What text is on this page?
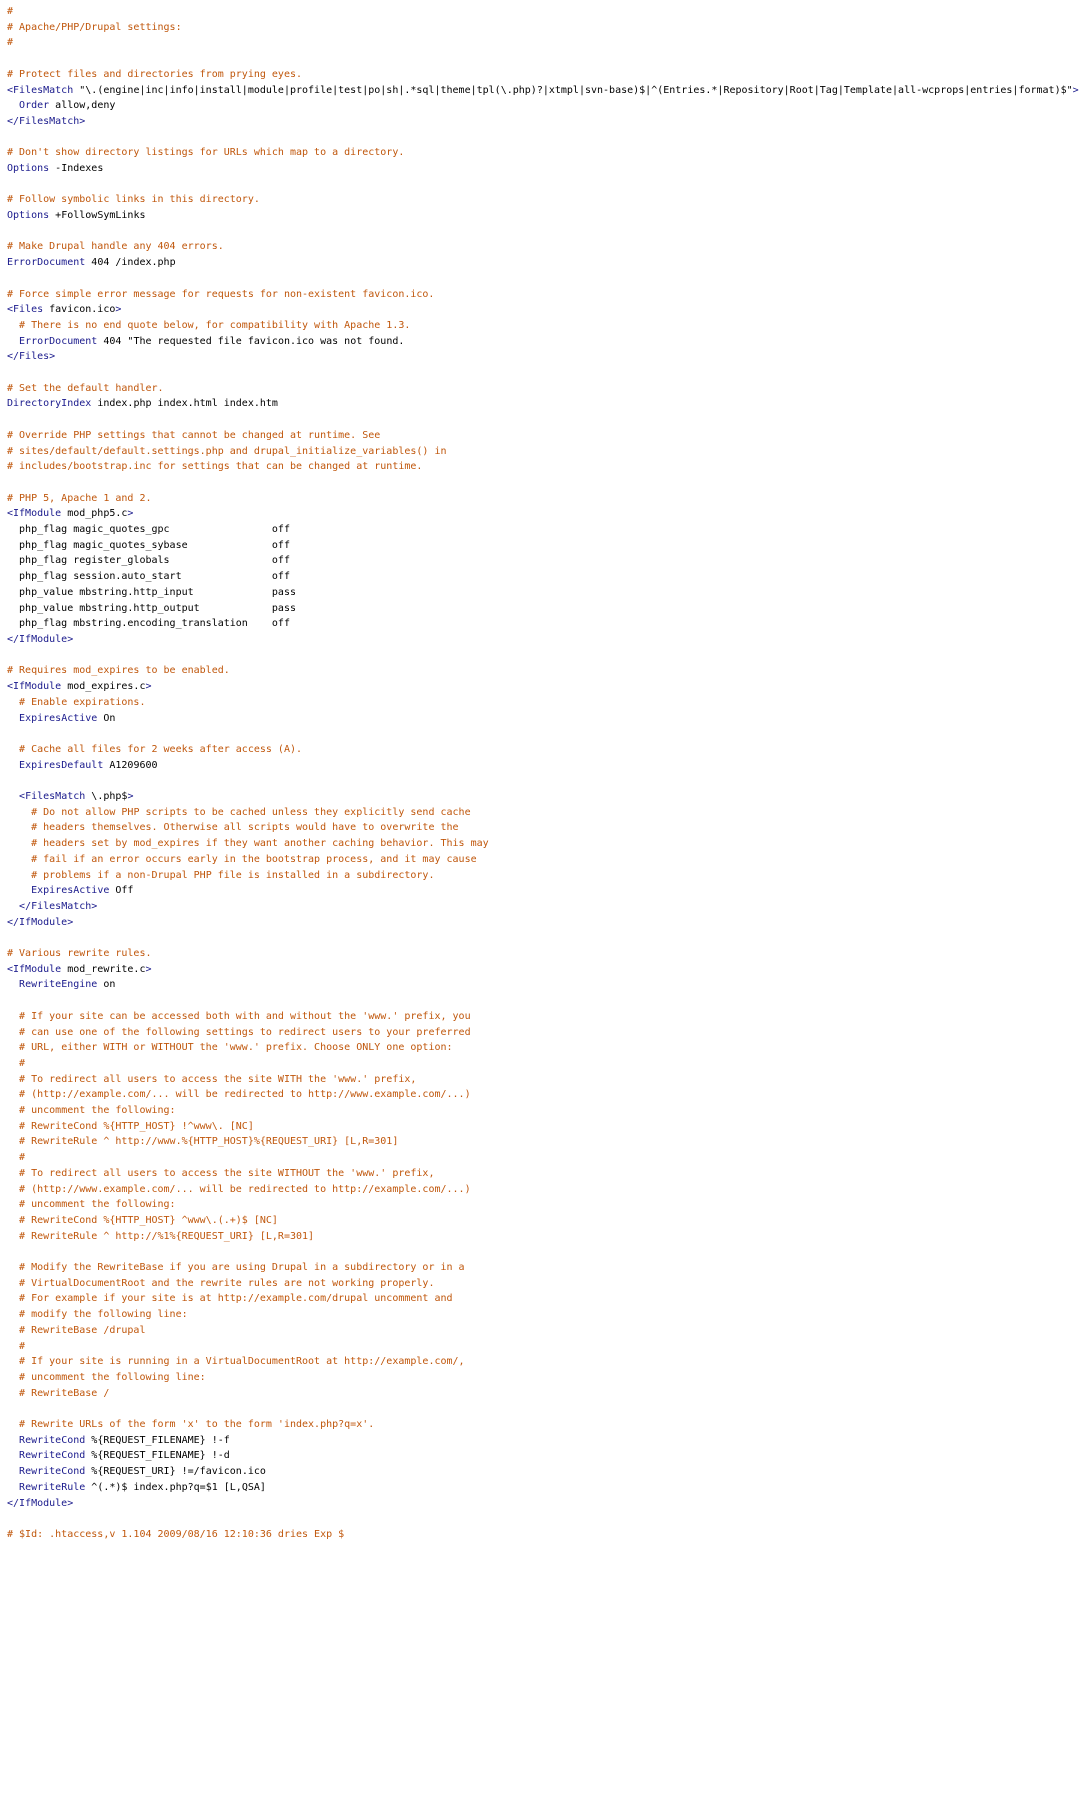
#
# Apache/PHP/Drupal settings:
#
# Protect files and directories from prying eyes.
<FilesMatch "\.(engine|inc|info|install|module|profile|test|po|sh|.*sql|theme|tpl(\.php)?|xtmpl|svn-base)$|^(Entries.*|Repository|Root|Tag|Template|all-wcprops|entries|format)$">
Order allow,deny
</FilesMatch>
# Don't show directory listings for URLs which map to a directory.
Options -Indexes
# Follow symbolic links in this directory.
Options +FollowSymLinks
# Make Drupal handle any 404 errors.
ErrorDocument 404 /index.php
# Force simple error message for requests for non-existent favicon.ico.
<Files favicon.ico>
# There is no end quote below, for compatibility with Apache 1.3.
ErrorDocument 404 "The requested file favicon.ico was not found.
</Files>
# Set the default handler.
DirectoryIndex index.php index.html index.htm
# Override PHP settings that cannot be changed at runtime. See
# sites/default/default.settings.php and drupal_initialize_variables() in
# includes/bootstrap.inc for settings that can be changed at runtime.
# PHP 5, Apache 1 and 2.
<IfModule mod_php5.c>
php_flag magic_quotes_gpc                 off
php_flag magic_quotes_sybase              off
php_flag register_globals                 off
php_flag session.auto_start               off
php_value mbstring.http_input             pass
php_value mbstring.http_output            pass
php_flag mbstring.encoding_translation    off
</IfModule>
# Requires mod_expires to be enabled.
<IfModule mod_expires.c>
# Enable expirations.
ExpiresActive On
# Cache all files for 2 weeks after access (A).
ExpiresDefault A1209600
<FilesMatch \.php$>
# Do not allow PHP scripts to be cached unless they explicitly send cache
# headers themselves. Otherwise all scripts would have to overwrite the
# headers set by mod_expires if they want another caching behavior. This may
# fail if an error occurs early in the bootstrap process, and it may cause
# problems if a non-Drupal PHP file is installed in a subdirectory.
ExpiresActive Off
</FilesMatch>
</IfModule>
# Various rewrite rules.
<IfModule mod_rewrite.c>
RewriteEngine on
# If your site can be accessed both with and without the 'www.' prefix, you
# can use one of the following settings to redirect users to your preferred
# URL, either WITH or WITHOUT the 'www.' prefix. Choose ONLY one option:
#
# To redirect all users to access the site WITH the 'www.' prefix,
# (http://example.com/... will be redirected to http://www.example.com/...)
# uncomment the following:
# RewriteCond %{HTTP_HOST} !^www\. [NC]
# RewriteRule ^ http://www.%{HTTP_HOST}%{REQUEST_URI} [L,R=301]
#
# To redirect all users to access the site WITHOUT the 'www.' prefix,
# (http://www.example.com/... will be redirected to http://example.com/...)
# uncomment the following:
# RewriteCond %{HTTP_HOST} ^www\.(.+)$ [NC]
# RewriteRule ^ http://%1%{REQUEST_URI} [L,R=301]
# Modify the RewriteBase if you are using Drupal in a subdirectory or in a
# VirtualDocumentRoot and the rewrite rules are not working properly.
# For example if your site is at http://example.com/drupal uncomment and
# modify the following line:
# RewriteBase /drupal
#
# If your site is running in a VirtualDocumentRoot at http://example.com/,
# uncomment the following line:
# RewriteBase /
# Rewrite URLs of the form 'x' to the form 'index.php?q=x'.
RewriteCond %{REQUEST_FILENAME} !-f
RewriteCond %{REQUEST_FILENAME} !-d
RewriteCond %{REQUEST_URI} !=/favicon.ico
RewriteRule ^(.*)$ index.php?q=$1 [L,QSA]
</IfModule>
# $Id: .htaccess,v 1.104 2009/08/16 12:10:36 dries Exp $
